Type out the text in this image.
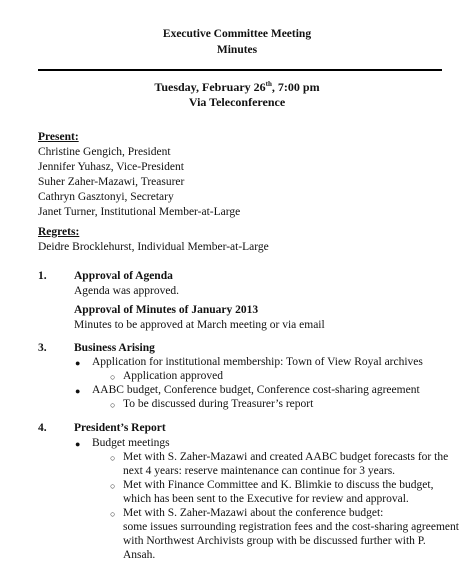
Executive Committee Meeting
Minutes
Tuesday, February 26th, 7:00 pm
Via Teleconference
Present:
Christine Gengich, President
Jennifer Yuhasz, Vice-President
Suher Zaher-Mazawi, Treasurer
Cathryn Gasztonyi, Secretary
Janet Turner, Institutional Member-at-Large
Regrets:
Deidre Brocklehurst, Individual Member-at-Large
1. Approval of Agenda
Agenda was approved.
Approval of Minutes of January 2013
Minutes to be approved at March meeting or via email
3. Business Arising
● Application for institutional membership: Town of View Royal archives
○ Application approved
● AABC budget, Conference budget, Conference cost-sharing agreement
○ To be discussed during Treasurer’s report
4. President’s Report
● Budget meetings
○ Met with S. Zaher-Mazawi and created AABC budget forecasts for the
next 4 years: reserve maintenance can continue for 3 years.
○ Met with Finance Committee and K. Blimkie to discuss the budget,
which has been sent to the Executive for review and approval.
○ Met with S. Zaher-Mazawi about the conference budget:
some issues surrounding registration fees and the cost-sharing agreement
with Northwest Archivists group with be discussed further with P.
Ansah.
